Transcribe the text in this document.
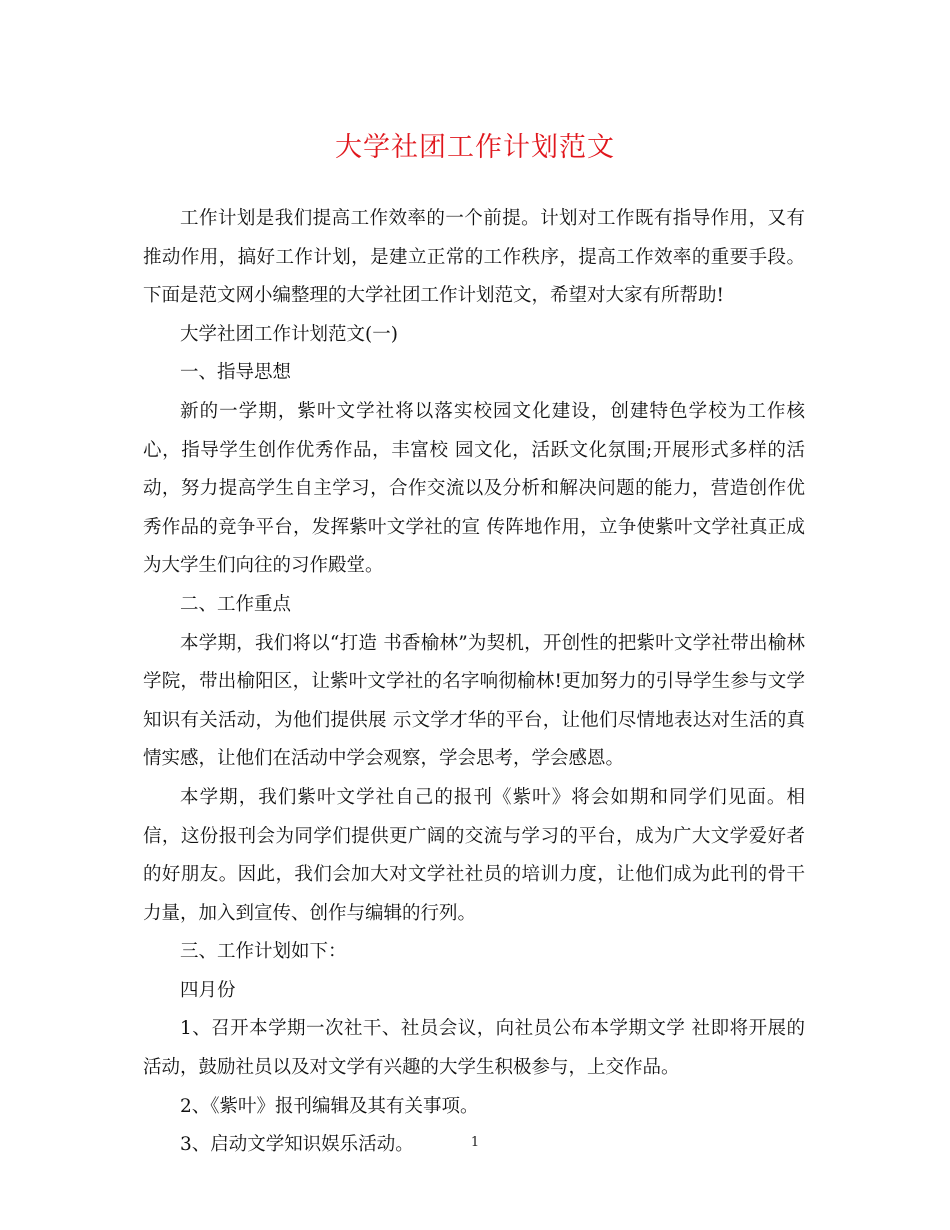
大学社团工作计划范文

工作计划是我们提高工作效率的一个前提。计划对工作既有指导作用，又有推动作用，搞好工作计划，是建立正常的工作秩序，提高工作效率的重要手段。下面是范文网小编整理的大学社团工作计划范文，希望对大家有所帮助!

大学社团工作计划范文(一)

一、指导思想

新的一学期，紫叶文学社将以落实校园文化建设，创建特色学校为工作核心，指导学生创作优秀作品，丰富校 园文化，活跃文化氛围;开展形式多样的活动，努力提高学生自主学习，合作交流以及分析和解决问题的能力，营造创作优秀作品的竞争平台，发挥紫叶文学社的宣 传阵地作用，立争使紫叶文学社真正成为大学生们向往的习作殿堂。

二、工作重点

本学期，我们将以“打造 书香榆林”为契机，开创性的把紫叶文学社带出榆林学院，带出榆阳区，让紫叶文学社的名字响彻榆林!更加努力的引导学生参与文学知识有关活动，为他们提供展 示文学才华的平台，让他们尽情地表达对生活的真情实感，让他们在活动中学会观察，学会思考，学会感恩。

本学期，我们紫叶文学社自己的报刊《紫叶》将会如期和同学们见面。相信，这份报刊会为同学们提供更广阔的交流与学习的平台，成为广大文学爱好者的好朋友。因此，我们会加大对文学社社员的培训力度，让他们成为此刊的骨干力量，加入到宣传、创作与编辑的行列。

三、工作计划如下：

四月份

1、召开本学期一次社干、社员会议，向社员公布本学期文学 社即将开展的活动，鼓励社员以及对文学有兴趣的大学生积极参与，上交作品。

2、《紫叶》报刊编辑及其有关事项。

3、启动文学知识娱乐活动。	1
